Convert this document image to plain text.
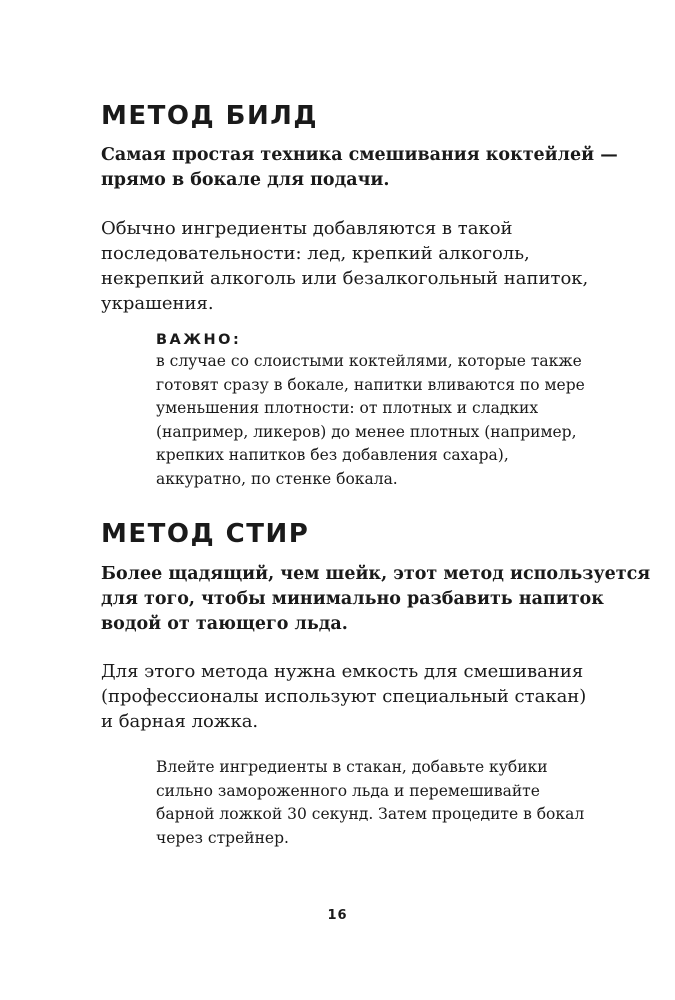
МЕТОД БИЛД

Самая простая техника смешивания коктейлей —
прямо в бокале для подачи.

Обычно ингредиенты добавляются в такой
последовательности: лед, крепкий алкоголь,
некрепкий алкоголь или безалкогольный напиток,
украшения.

ВАЖНО:

в случае со слоистыми коктейлями, которые также
готовят сразу в бокале, напитки вливаются по мере
уменьшения плотности: от плотных и сладких
(например, ликеров) до менее плотных (например,
крепких напитков без добавления сахара),
аккуратно, по стенке бокала.

МЕТОД СТИР

Более щадящий, чем шейк, этот метод используется
для того, чтобы минимально разбавить напиток
водой от тающего льда.

Для этого метода нужна емкость для смешивания
(профессионалы используют специальный стакан)
и барная ложка.

Влейте ингредиенты в стакан, добавьте кубики
сильно замороженного льда и перемешивайте
барной ложкой 30 секунд. Затем процедите в бокал
через стрейнер.

16
